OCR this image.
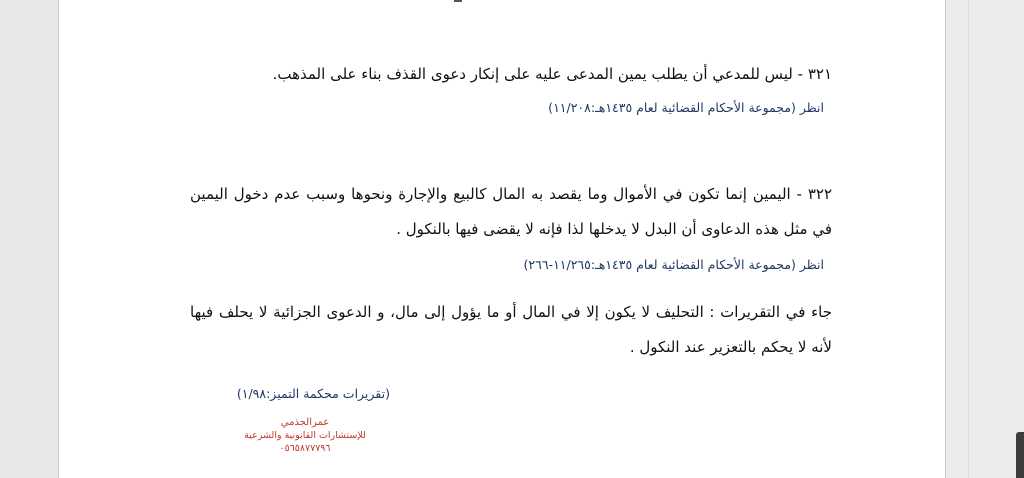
٣٢١ - ليس للمدعي أن يطلب يمين المدعى عليه على إنكار دعوى القذف بناء على المذهب.

انظر (مجموعة الأحكام القضائية لعام ١٤٣٥هـ:١١/٢٠٨)

٣٢٢ - اليمين إنما تكون في الأموال وما يقصد به المال كالبيع والإجارة ونحوها وسبب عدم دخول اليمين في مثل هذه الدعاوى أن البدل لا يدخلها لذا فإنه لا يقضى فيها بالنكول .

انظر (مجموعة الأحكام القضائية لعام ١٤٣٥هـ:١١/٢٦٥-٢٦٦)

جاء في التقريرات : التحليف لا يكون إلا في المال أو ما يؤول إلى مال، و الدعوى الجزائية لا يحلف فيها لأنه لا يحكم بالتعزير عند النكول .

(تقريرات محكمة التميز:١/٩٨)
عمرالجذمي
للإستشارات القانونية والشرعية
٠٥٦٥٨٧٧٧٩٦
